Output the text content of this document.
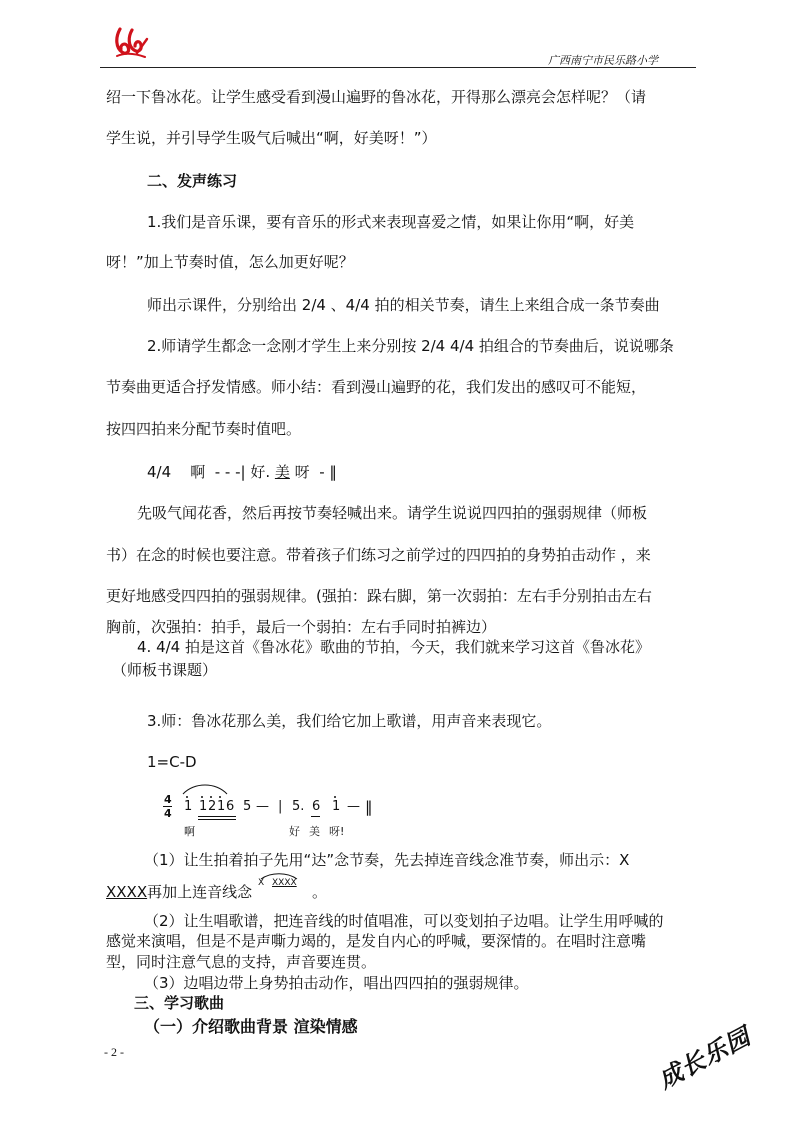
广西南宁市民乐路小学
绍一下鲁冰花。让学生感受看到漫山遍野的鲁冰花，开得那么漂亮会怎样呢？（请
学生说，并引导学生吸气后喊出“啊，好美呀！”）
二、发声练习
1.我们是音乐课，要有音乐的形式来表现喜爱之情，如果让你用“啊，好美
呀！”加上节奏时值，怎么加更好呢？
师出示课件，分别给出 2/4 、4/4 拍的相关节奏，请生上来组合成一条节奏曲
2.师请学生都念一念刚才学生上来分别按 2/4 4/4 拍组合的节奏曲后，说说哪条
节奏曲更适合抒发情感。师小结：看到漫山遍野的花，我们发出的感叹可不能短，
按四四拍来分配节奏时值吧。
4/4    啊  - - -| 好. 美 呀  - ‖
先吸气闻花香，然后再按节奏轻喊出来。请学生说说四四拍的强弱规律（师板
书）在念的时候也要注意。带着孩子们练习之前学过的四四拍的身势拍击动作 ，来
更好地感受四四拍的强弱规律。(强拍：跺右脚，第一次弱拍：左右手分别拍击左右
胸前，次强拍：拍手，最后一个弱拍：左右手同时拍裤边）
4. 4/4 拍是这首《鲁冰花》歌曲的节拍，今天，我们就来学习这首《鲁冰花》
（师板书课题）
3.师：鲁冰花那么美，我们给它加上歌谱，用声音来表现它。
1=C-D
4
4 1 1 2 1 6 5 — | 5. 6 1 — ‖
啊	好 美 呀!
（1）让生拍着拍子先用“达”念节奏，先去掉连音线念准节奏，师出示：X
XXXX再加上连音线念 X XXXX 。
（2）让生唱歌谱，把连音线的时值唱准，可以变划拍子边唱。让学生用呼喊的
感觉来演唱，但是不是声嘶力竭的，是发自内心的呼喊，要深情的。在唱时注意嘴
型，同时注意气息的支持，声音要连贯。
（3）边唱边带上身势拍击动作，唱出四四拍的强弱规律。
三、学习歌曲
（一）介绍歌曲背景 渲染情感
- 2 -	成长乐园
